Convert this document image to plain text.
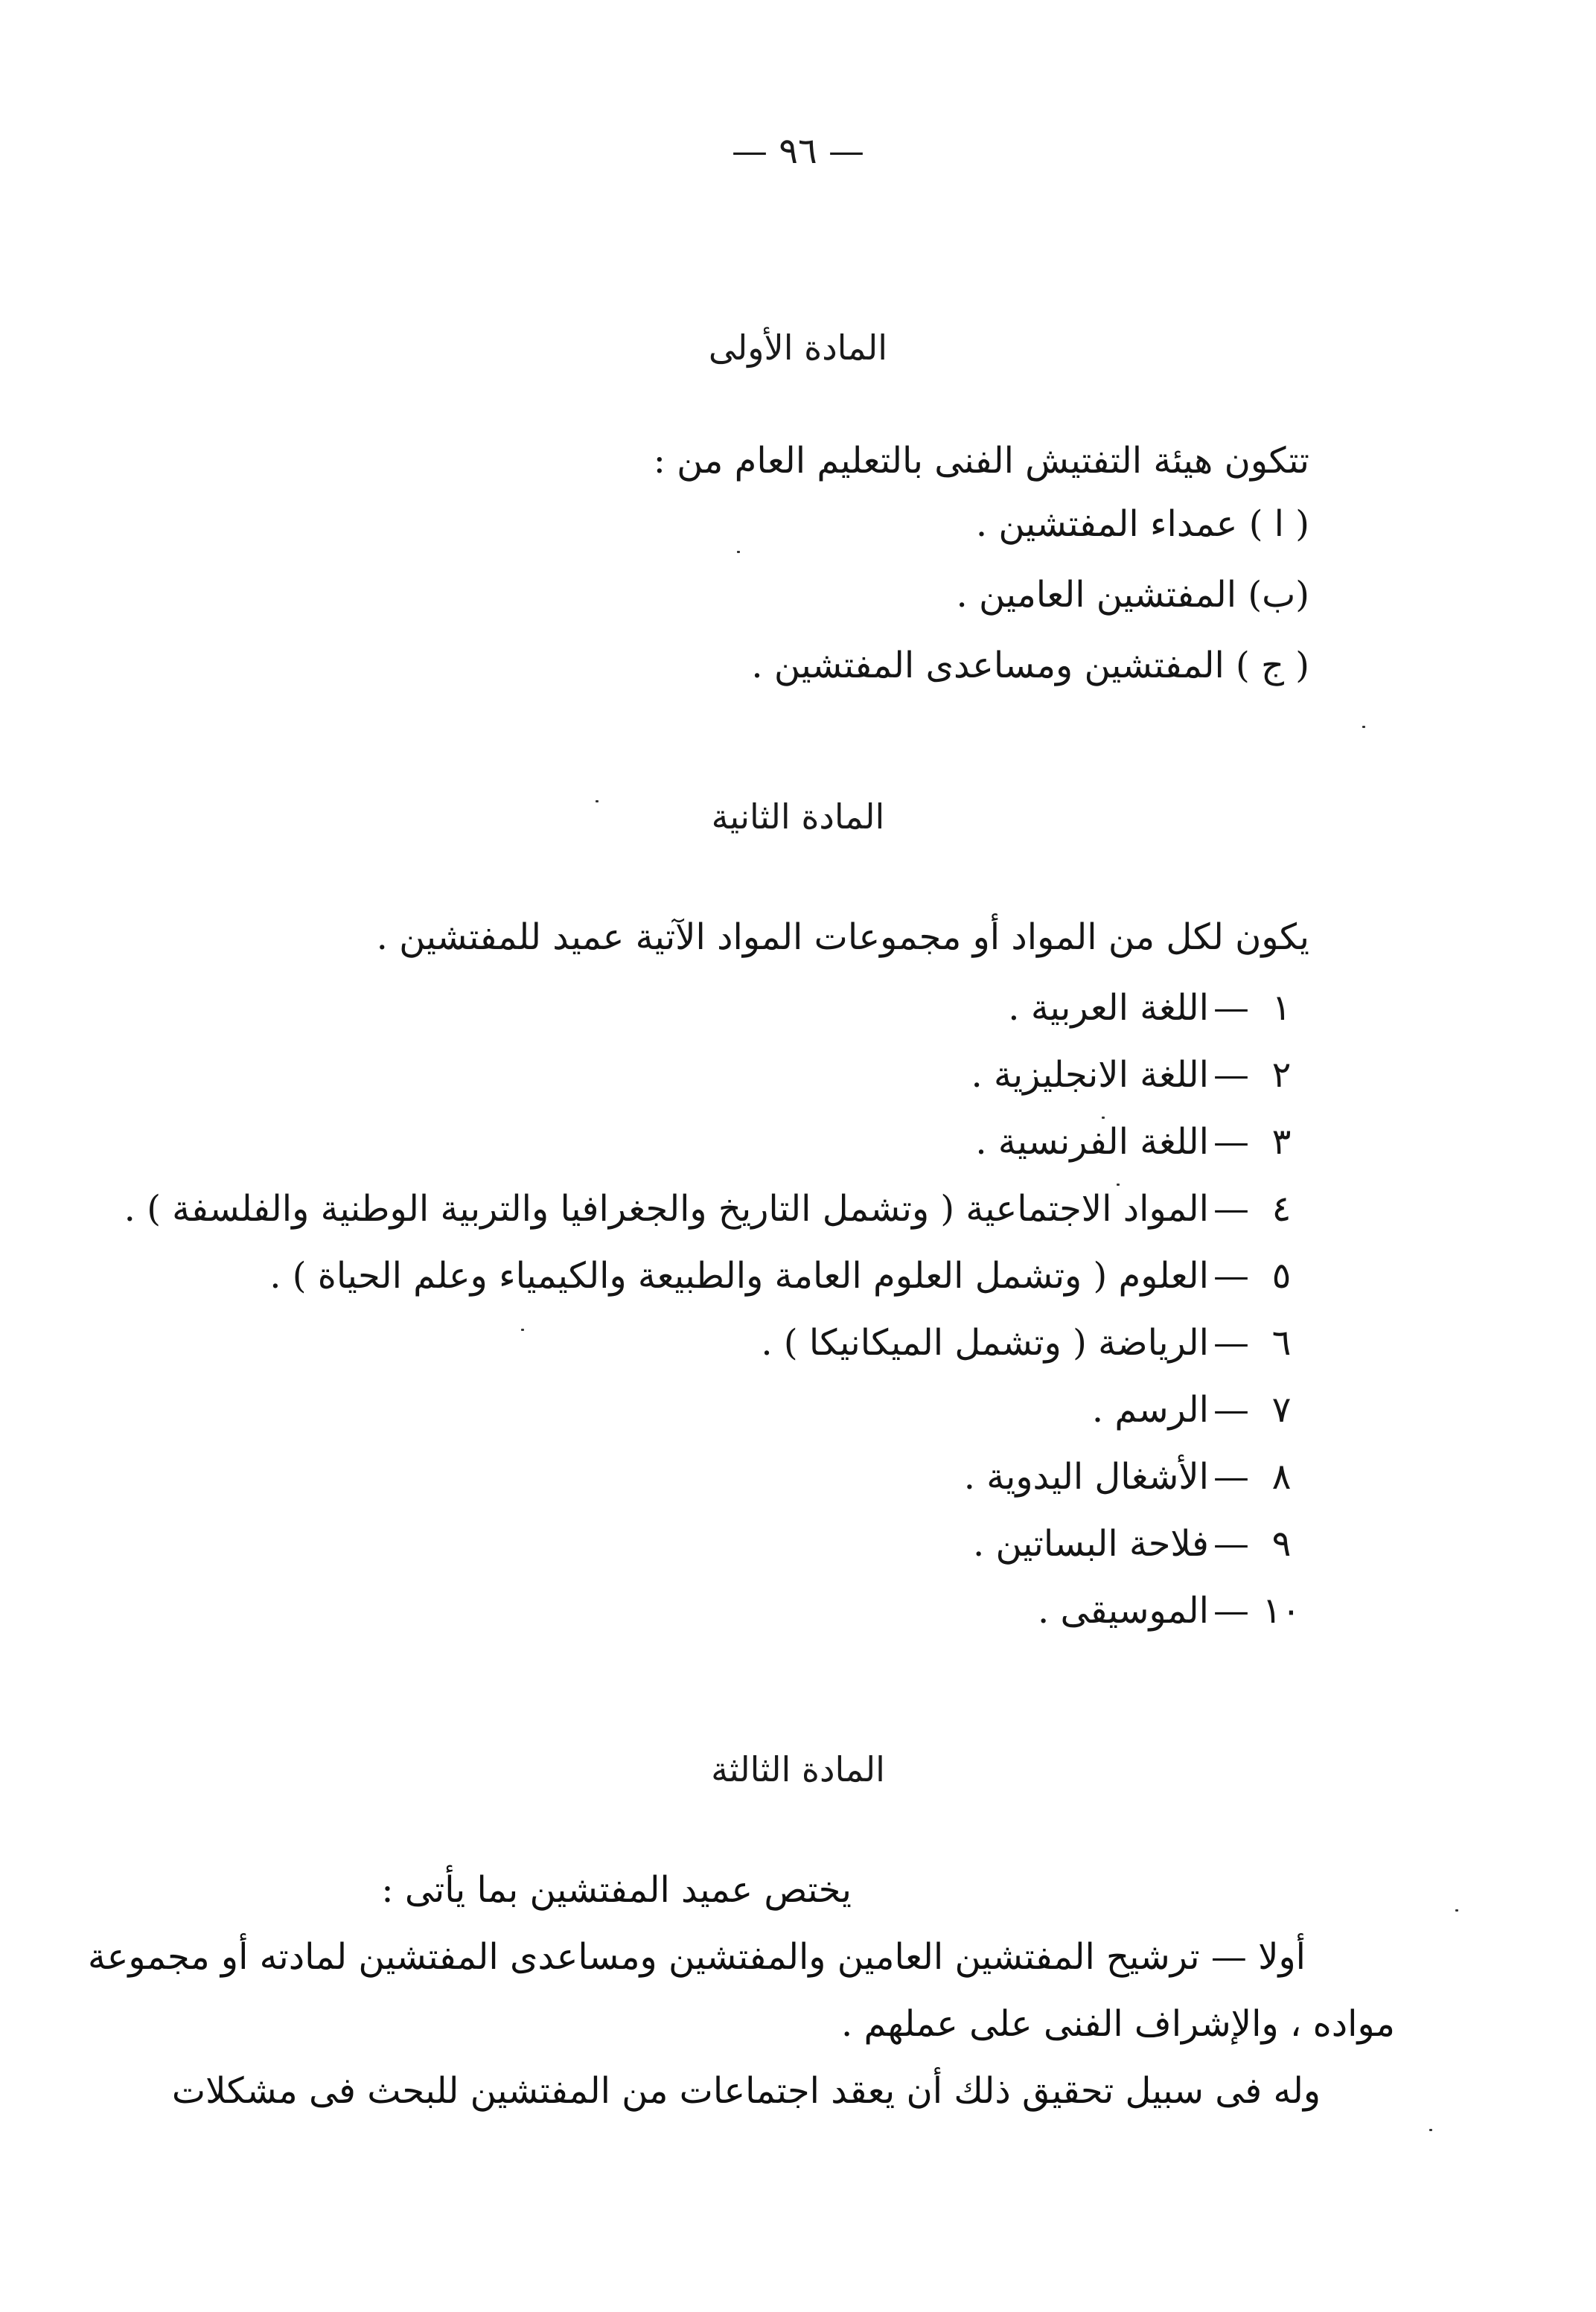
— ٩٦ —
المادة الأولى
تتكون هيئة التفتيش الفنى بالتعليم العام من :
( ا ) عمداء المفتشين .
(ب) المفتشين العامين .
( ج ) المفتشين ومساعدى المفتشين .
المادة الثانية
يكون لكل من المواد أو مجموعات المواد الآتية عميد للمفتشين .
١—اللغة العربية .
٢—اللغة الانجليزية .
٣—اللغة الفرنسية .
٤—المواد الاجتماعية ( وتشمل التاريخ والجغرافيا والتربية الوطنية والفلسفة ) .
٥—العلوم ( وتشمل العلوم العامة والطبيعة والكيمياء وعلم الحياة ) .
٦—الرياضة ( وتشمل الميكانيكا ) .
٧—الرسم .
٨—الأشغال اليدوية .
٩—فلاحة البساتين .
١٠—الموسيقى .
المادة الثالثة
يختص عميد المفتشين بما يأتى :
أولا — ترشيح المفتشين العامين والمفتشين ومساعدى المفتشين لمادته أو مجموعة
مواده ، والإشراف الفنى على عملهم .
وله فى سبيل تحقيق ذلك أن يعقد اجتماعات من المفتشين للبحث فى مشكلات
